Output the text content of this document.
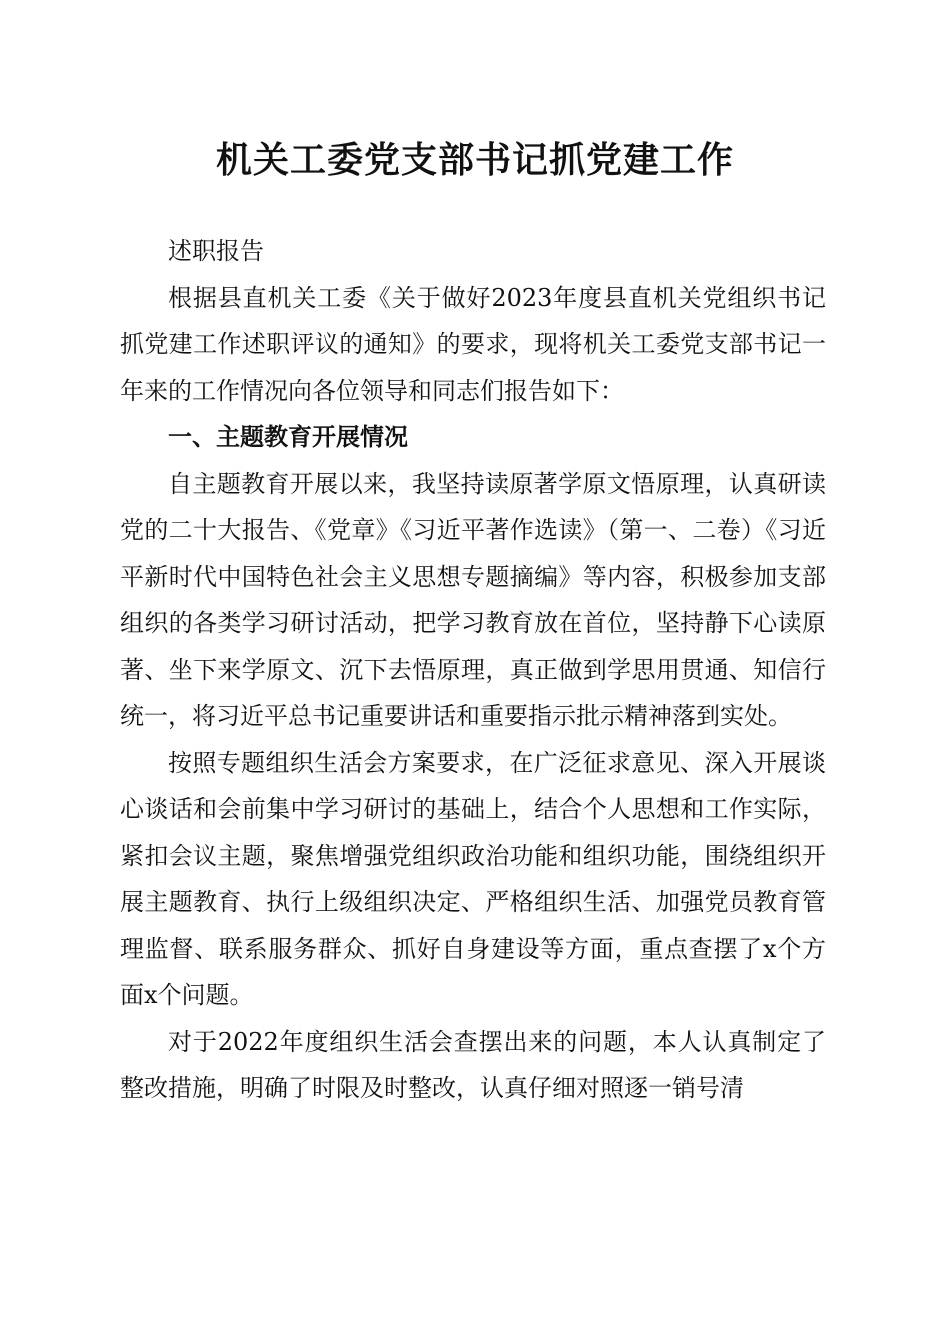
机关工委党支部书记抓党建工作

述职报告

根据县直机关工委《关于做好2023年度县直机关党组织书记抓党建工作述职评议的通知》的要求，现将机关工委党支部书记一年来的工作情况向各位领导和同志们报告如下：

一、主题教育开展情况

自主题教育开展以来，我坚持读原著学原文悟原理，认真研读党的二十大报告、《党章》《习近平著作选读》（第一、二卷）《习近平新时代中国特色社会主义思想专题摘编》等内容，积极参加支部组织的各类学习研讨活动，把学习教育放在首位，坚持静下心读原著、坐下来学原文、沉下去悟原理，真正做到学思用贯通、知信行统一，将习近平总书记重要讲话和重要指示批示精神落到实处。

按照专题组织生活会方案要求，在广泛征求意见、深入开展谈心谈话和会前集中学习研讨的基础上，结合个人思想和工作实际，紧扣会议主题，聚焦增强党组织政治功能和组织功能，围绕组织开展主题教育、执行上级组织决定、严格组织生活、加强党员教育管理监督、联系服务群众、抓好自身建设等方面，重点查摆了x个方面x个问题。

对于2022年度组织生活会查摆出来的问题，本人认真制定了整改措施，明确了时限及时整改，认真仔细对照逐一销号清
